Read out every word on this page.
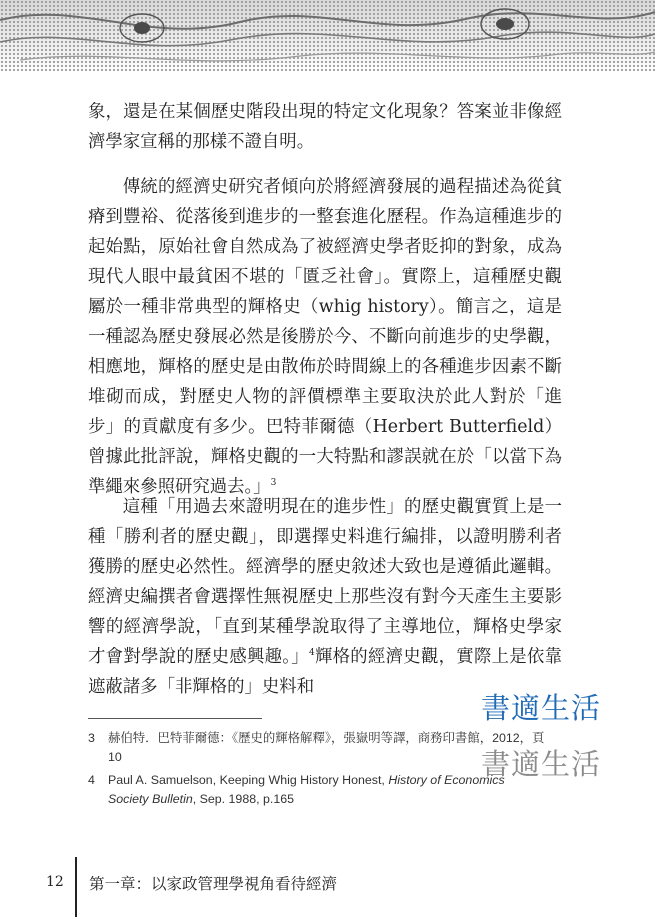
象，還是在某個歷史階段出現的特定文化現象？答案並非像經濟學家宣稱的那樣不證自明。

傳統的經濟史研究者傾向於將經濟發展的過程描述為從貧瘠到豐裕、從落後到進步的一整套進化歷程。作為這種進步的起始點，原始社會自然成為了被經濟史學者貶抑的對象，成為現代人眼中最貧困不堪的「匱乏社會」。實際上，這種歷史觀屬於一種非常典型的輝格史（whig history）。簡言之，這是一種認為歷史發展必然是後勝於今、不斷向前進步的史學觀，相應地，輝格的歷史是由散佈於時間線上的各種進步因素不斷堆砌而成，對歷史人物的評價標準主要取決於此人對於「進步」的貢獻度有多少。巴特菲爾德（Herbert Butterfield）曾據此批評說，輝格史觀的一大特點和謬誤就在於「以當下為準繩來參照研究過去。」$^3$

這種「用過去來證明現在的進步性」的歷史觀實質上是一種「勝利者的歷史觀」，即選擇史料進行編排，以證明勝利者獲勝的歷史必然性。經濟學的歷史敘述大致也是遵循此邏輯。經濟史編撰者會選擇性無視歷史上那些沒有對今天產生主要影響的經濟學說，「直到某種學說取得了主導地位，輝格史學家才會對學說的歷史感興趣。」$^4$輝格的經濟史觀，實際上是依靠遮蔽諸多「非輝格的」史料和

書適生活
書適生活
3 赫伯特．巴特菲爾德：《歷史的輝格解釋》，張嶽明等譯，商務印書館，2012，頁 10
4 Paul A. Samuelson, Keeping Whig History Honest, History of Economics Society Bulletin, Sep. 1988, p.165
12 第一章：以家政管理學視角看待經濟
